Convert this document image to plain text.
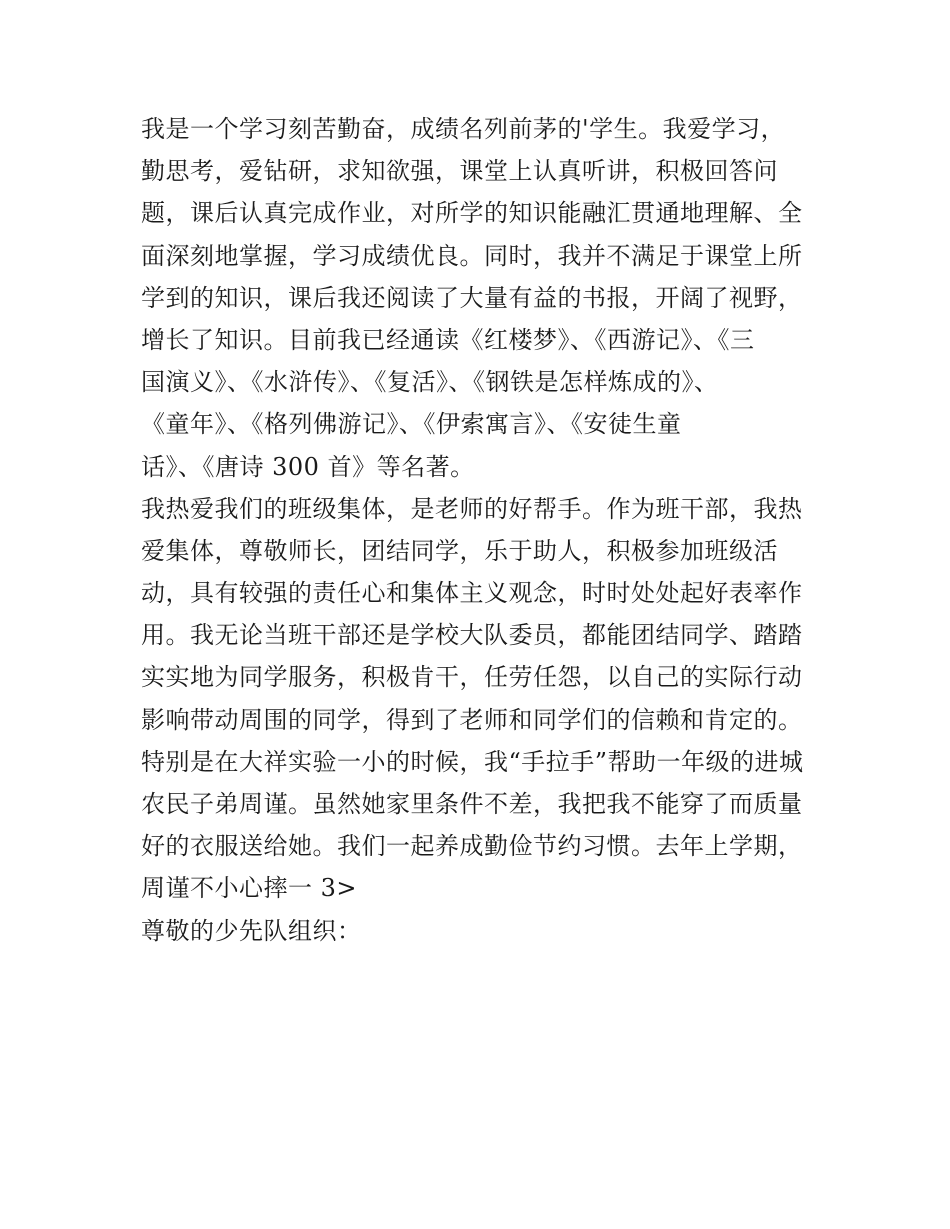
我是一个学习刻苦勤奋，成绩名列前茅的'学生。我爱学习，
勤思考，爱钻研，求知欲强，课堂上认真听讲，积极回答问
题，课后认真完成作业，对所学的知识能融汇贯通地理解、全
面深刻地掌握，学习成绩优良。同时，我并不满足于课堂上所
学到的知识，课后我还阅读了大量有益的书报，开阔了视野，
增长了知识。目前我已经通读《红楼梦》、《西游记》、《三
国演义》、《水浒传》、《复活》、《钢铁是怎样炼成的》、
《童年》、《格列佛游记》、《伊索寓言》、《安徒生童
话》、《唐诗 300 首》等名著。
我热爱我们的班级集体，是老师的好帮手。作为班干部，我热
爱集体，尊敬师长，团结同学，乐于助人，积极参加班级活
动，具有较强的责任心和集体主义观念，时时处处起好表率作
用。我无论当班干部还是学校大队委员，都能团结同学、踏踏
实实地为同学服务，积极肯干，任劳任怨，以自己的实际行动
影响带动周围的同学，得到了老师和同学们的信赖和肯定的。
特别是在大祥实验一小的时候，我“手拉手”帮助一年级的进城
农民子弟周谨。虽然她家里条件不差，我把我不能穿了而质量
好的衣服送给她。我们一起养成勤俭节约习惯。去年上学期，
周谨不小心摔一 3>
尊敬的少先队组织：
